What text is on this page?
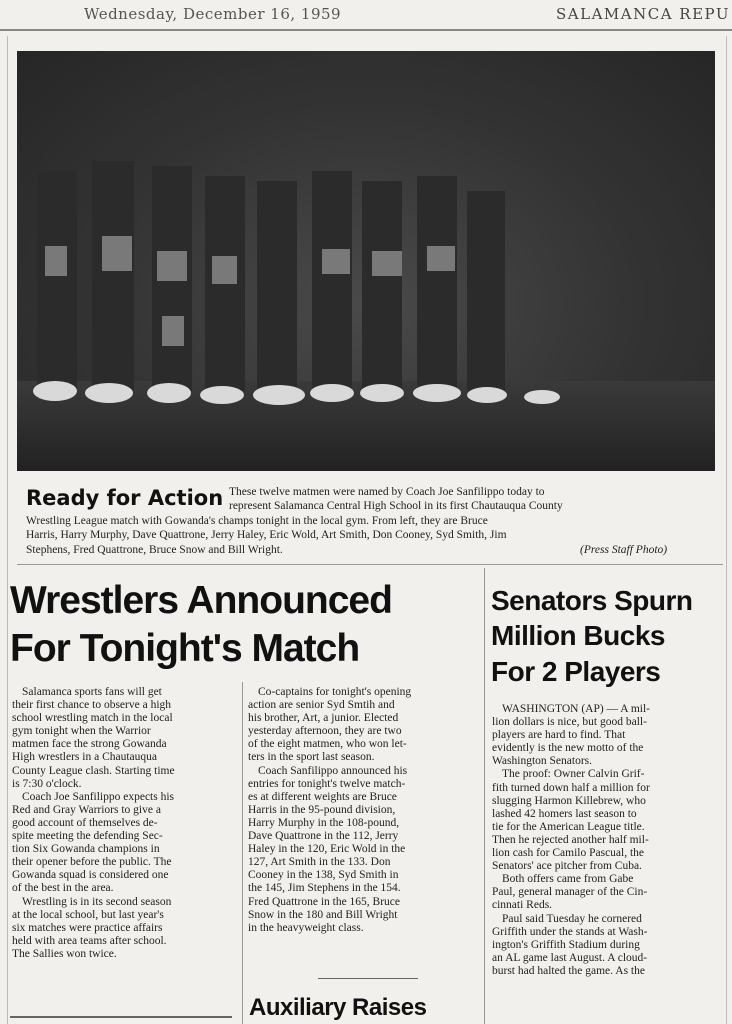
Wednesday, December 16, 1959	SALAMANCA REPU
Ready for Action These twelve matmen were named by Coach Joe Sanfilippo today to
represent Salamanca Central High School in its first Chautauqua County
Wrestling League match with Gowanda's champs tonight in the local gym. From left, they are Bruce
Harris, Harry Murphy, Dave Quattrone, Jerry Haley, Eric Wold, Art Smith, Don Cooney, Syd Smith, Jim
Stephens, Fred Quattrone, Bruce Snow and Bill Wright.	(Press Staff Photo)
Wrestlers Announced
For Tonight's Match
Salamanca sports fans will get
their first chance to observe a high
school wrestling match in the local
gym tonight when the Warrior
matmen face the strong Gowanda
High wrestlers in a Chautauqua
County League clash. Starting time
is 7:30 o'clock.
Coach Joe Sanfilippo expects his
Red and Gray Warriors to give a
good account of themselves de-
spite meeting the defending Sec-
tion Six Gowanda champions in
their opener before the public. The
Gowanda squad is considered one
of the best in the area.
Wrestling is in its second season
at the local school, but last year's
six matches were practice affairs
held with area teams after school.
The Sallies won twice.
Co-captains for tonight's opening
action are senior Syd Smtih and
his brother, Art, a junior. Elected
yesterday afternoon, they are two
of the eight matmen, who won let-
ters in the sport last season.
Coach Sanfilippo announced his
entries for tonight's twelve match-
es at different weights are Bruce
Harris in the 95-pound division,
Harry Murphy in the 108-pound,
Dave Quattrone in the 112, Jerry
Haley in the 120, Eric Wold in the
127, Art Smith in the 133. Don
Cooney in the 138, Syd Smith in
the 145, Jim Stephens in the 154.
Fred Quattrone in the 165, Bruce
Snow in the 180 and Bill Wright
in the heavyweight class.
Auxiliary Raises
Senators Spurn
Million Bucks
For 2 Players
WASHINGTON (AP) — A mil-
lion dollars is nice, but good ball-
players are hard to find. That
evidently is the new motto of the
Washington Senators.
The proof: Owner Calvin Grif-
fith turned down half a million for
slugging Harmon Killebrew, who
lashed 42 homers last season to
tie for the American League title.
Then he rejected another half mil-
lion cash for Camilo Pascual, the
Senators' ace pitcher from Cuba.
Both offers came from Gabe
Paul, general manager of the Cin-
cinnati Reds.
Paul said Tuesday he cornered
Griffith under the stands at Wash-
ington's Griffith Stadium during
an AL game last August. A cloud-
burst had halted the game. As the
